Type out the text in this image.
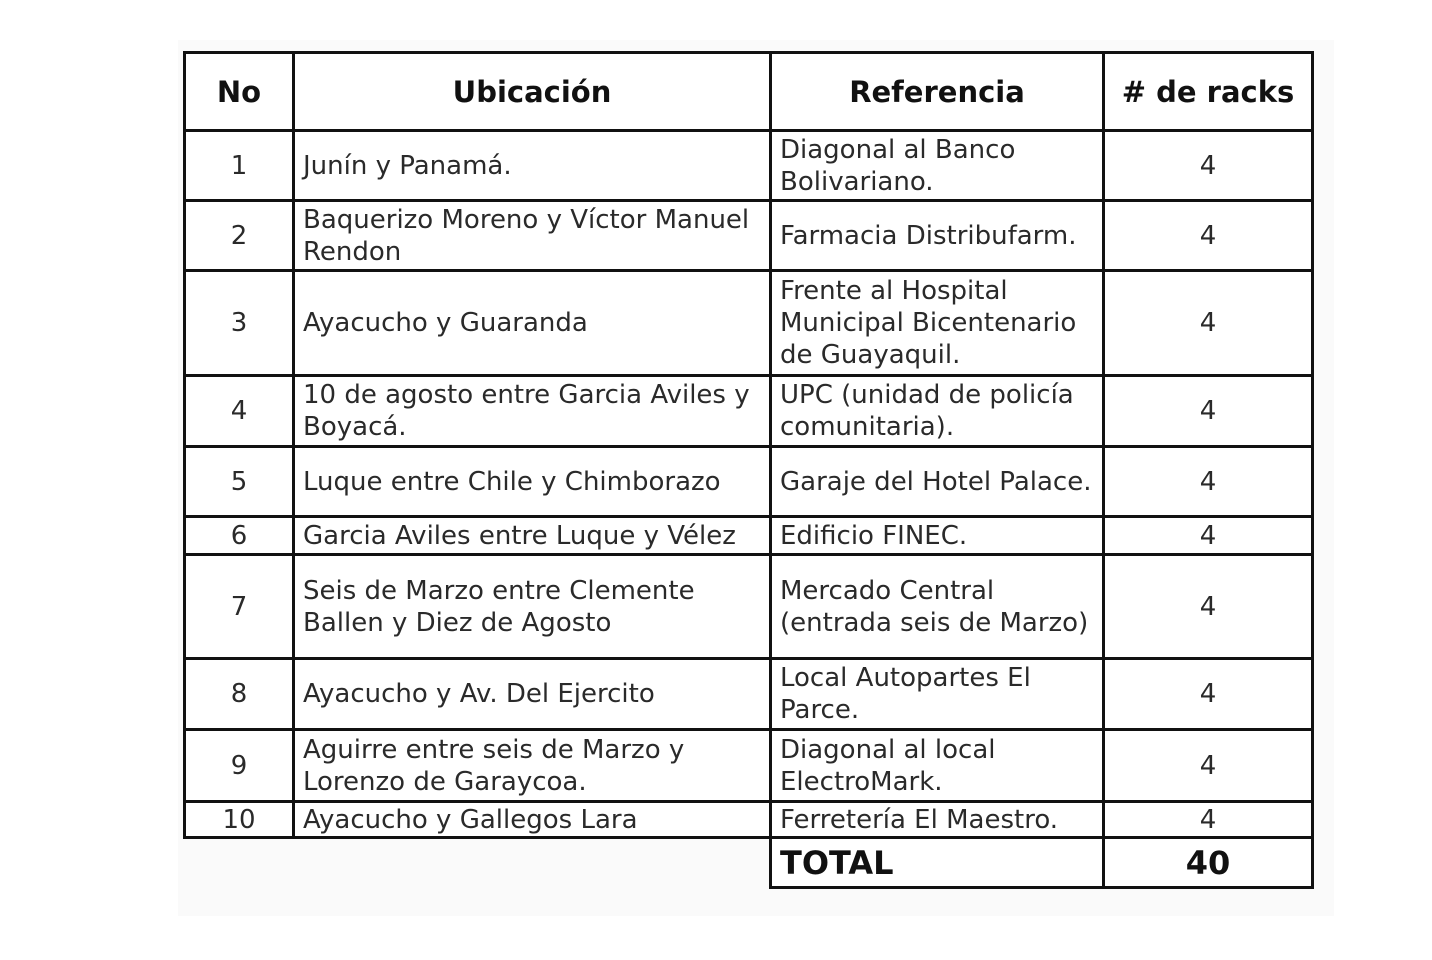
No	Ubicación	Referencia	# de racks
1	Junín y Panamá.	Diagonal al Banco Bolivariano.	4
2	Baquerizo Moreno y Víctor Manuel Rendon	Farmacia Distribufarm.	4
3	Ayacucho y Guaranda	Frente al Hospital Municipal Bicentenario de Guayaquil.	4
4	10 de agosto entre Garcia Aviles y Boyacá.	UPC (unidad de policía comunitaria).	4
5	Luque entre Chile y Chimborazo	Garaje del Hotel Palace.	4
6	Garcia Aviles entre Luque y Vélez	Edificio FINEC.	4
7	Seis de Marzo entre Clemente Ballen y Diez de Agosto	Mercado Central (entrada seis de Marzo)	4
8	Ayacucho y Av. Del Ejercito	Local Autopartes El Parce.	4
9	Aguirre entre seis de Marzo y Lorenzo de Garaycoa.	Diagonal al local ElectroMark.	4
10	Ayacucho y Gallegos Lara	Ferretería El Maestro.	4
		TOTAL	40
